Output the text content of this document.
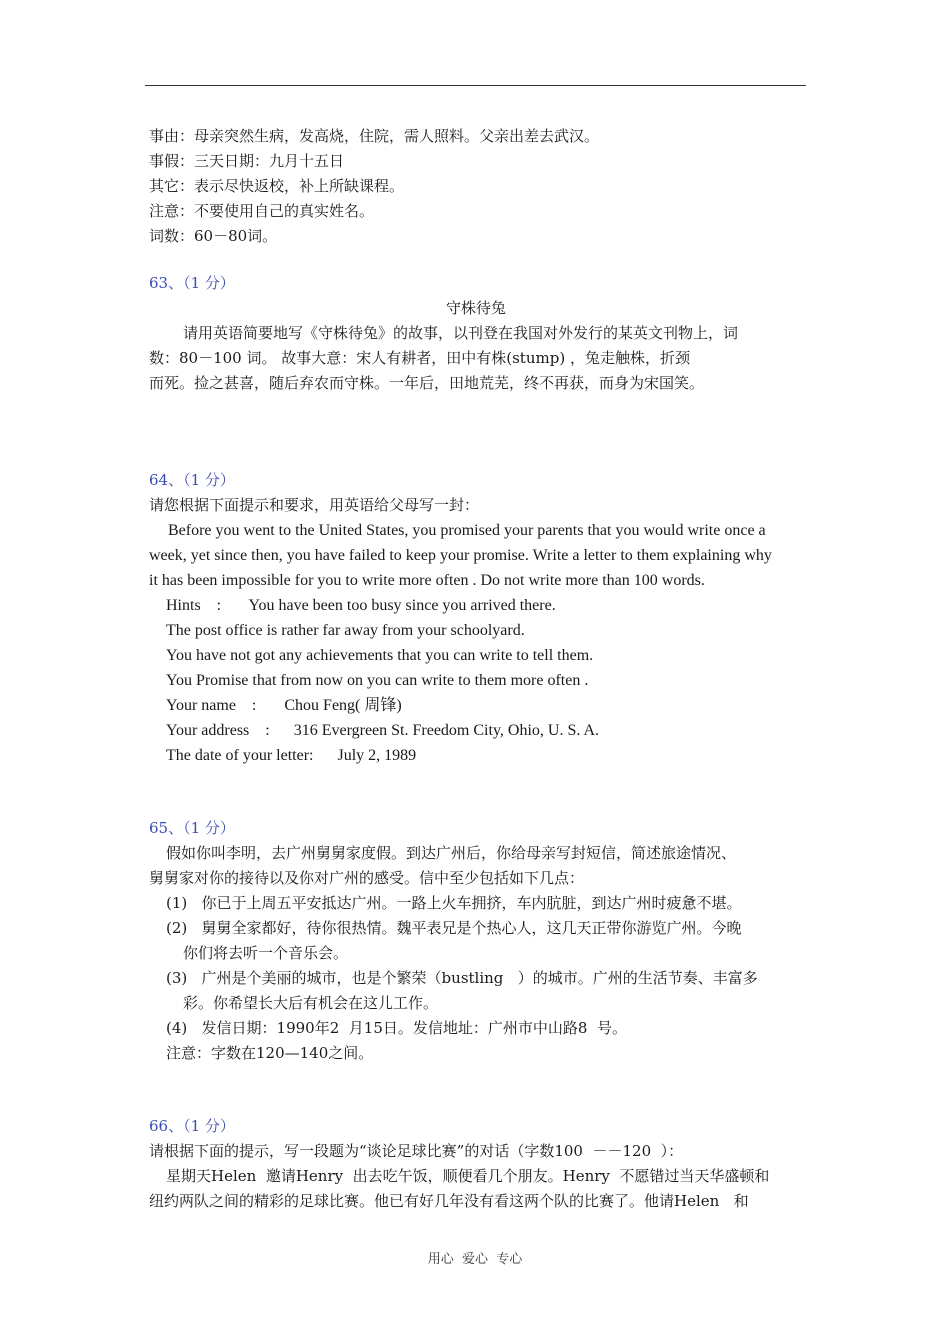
事由：母亲突然生病，发高烧，住院，需人照料。父亲出差去武汉。
事假：三天日期：九月十五日
其它：表示尽快返校，补上所缺课程。
注意：不要使用自己的真实姓名。
词数：60－80词。
63、（1 分）
守株待兔
请用英语简要地写《守株待兔》的故事，以刊登在我国对外发行的某英文刊物上，词
数：80－100 词。 故事大意：宋人有耕者，田中有株(stump) ，兔走触株，折颈
而死。捡之甚喜，随后弃农而守株。一年后，田地荒芜，终不再获，而身为宋国笑。
64、（1 分）
请您根据下面提示和要求，用英语给父母写一封：
Before you went to the United States, you promised your parents that you would write once a
week, yet since then, you have failed to keep your promise. Write a letter to them explaining why
it has been impossible for you to write more often . Do not write more than 100 words.
Hints    :       You have been too busy since you arrived there.
The post office is rather far away from your schoolyard.
You have not got any achievements that you can write to tell them.
You Promise that from now on you can write to them more often .
Your name    :       Chou Feng( 周锋)
Your address    :      316 Evergreen St. Freedom City, Ohio, U. S. A.
The date of your letter:      July 2, 1989
65、（1 分）
假如你叫李明，去广州舅舅家度假。到达广州后，你给母亲写封短信，简述旅途情况、
舅舅家对你的接待以及你对广州的感受。信中至少包括如下几点：
(1)   你已于上周五平安抵达广州。一路上火车拥挤，车内肮脏，到达广州时疲惫不堪。
(2)   舅舅全家都好，待你很热情。魏平表兄是个热心人，这几天正带你游览广州。今晚
你们将去听一个音乐会。
(3)   广州是个美丽的城市，也是个繁荣（bustling   ）的城市。广州的生活节奏、丰富多
彩。你希望长大后有机会在这儿工作。
(4)   发信日期：1990年2  月15日。发信地址：广州市中山路8  号。
注意：字数在120—140之间。
66、（1 分）
请根据下面的提示，写一段题为“谈论足球比赛”的对话（字数100  －－120  ）：
星期天Helen  邀请Henry  出去吃午饭，顺便看几个朋友。Henry  不愿错过当天华盛顿和
纽约两队之间的精彩的足球比赛。他已有好几年没有看这两个队的比赛了。他请Helen   和
用心  爱心  专心
